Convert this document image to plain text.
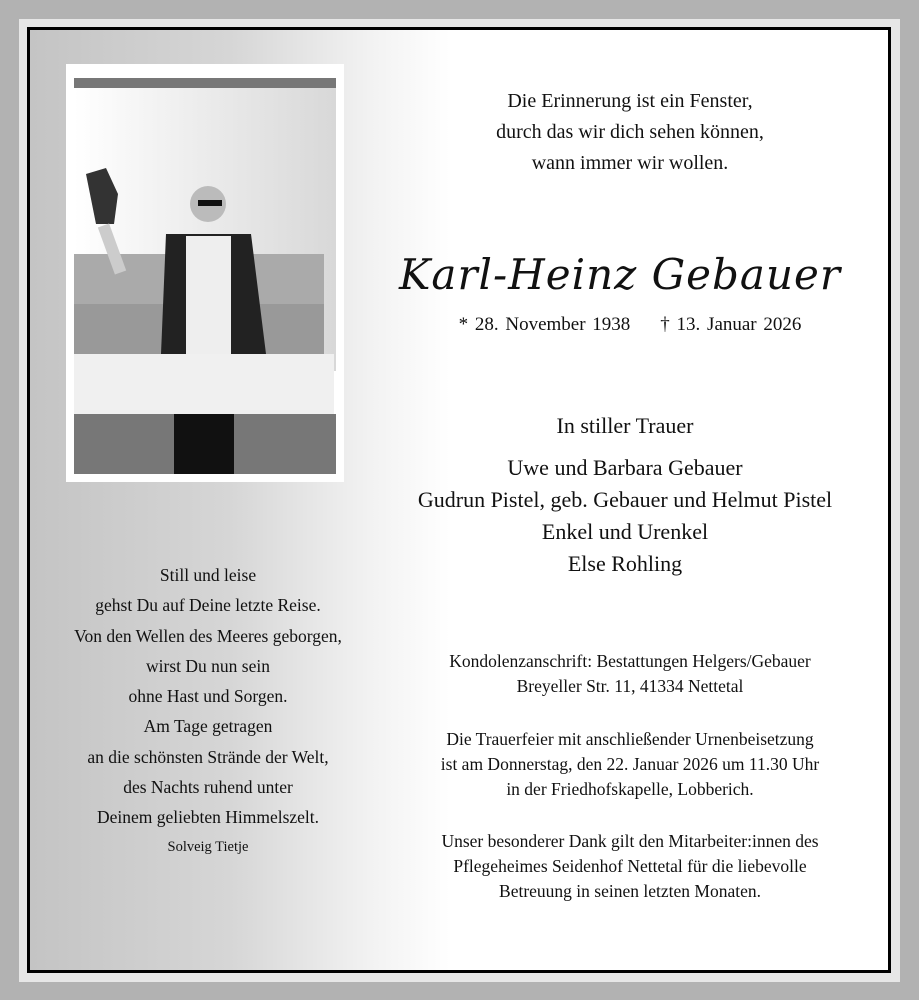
Die Erinnerung ist ein Fenster,
durch das wir dich sehen können,
wann immer wir wollen.
Karl-Heinz Gebauer
* 28. November 1938 † 13. Januar 2026
In stiller Trauer
Uwe und Barbara Gebauer
Gudrun Pistel, geb. Gebauer und Helmut Pistel
Enkel und Urenkel
Else Rohling
Kondolenzanschrift: Bestattungen Helgers/Gebauer
Breyeller Str. 11, 41334 Nettetal
Die Trauerfeier mit anschließender Urnenbeisetzung
ist am Donnerstag, den 22. Januar 2026 um 11.30 Uhr
in der Friedhofskapelle, Lobberich.
Unser besonderer Dank gilt den Mitarbeiter:innen des
Pflegeheimes Seidenhof Nettetal für die liebevolle
Betreuung in seinen letzten Monaten.
Still und leise
gehst Du auf Deine letzte Reise.
Von den Wellen des Meeres geborgen,
wirst Du nun sein
ohne Hast und Sorgen.
Am Tage getragen
an die schönsten Strände der Welt,
des Nachts ruhend unter
Deinem geliebten Himmelszelt.
Solveig Tietje
